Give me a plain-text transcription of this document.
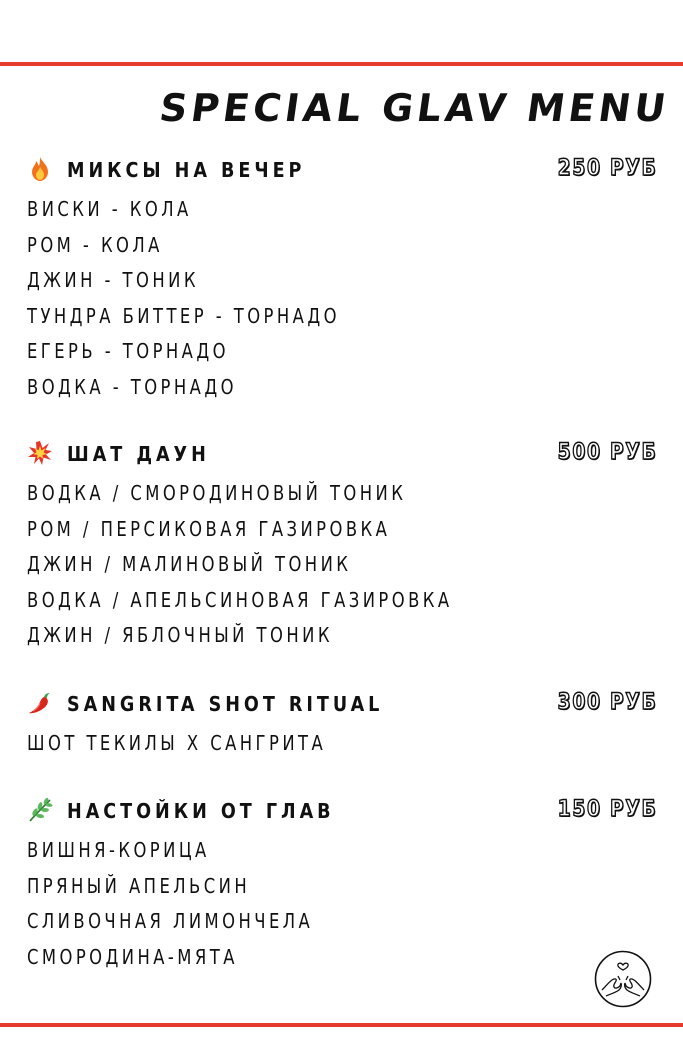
SPECIAL GLAV MENU
МИКСЫ НА ВЕЧЕР	250 РУБ
ВИСКИ - КОЛА
РОМ - КОЛА
ДЖИН - ТОНИК
ТУНДРА БИТТЕР - ТОРНАДО
ЕГЕРЬ - ТОРНАДО
ВОДКА - ТОРНАДО
ШАТ ДАУН	500 РУБ
ВОДКА / СМОРОДИНОВЫЙ ТОНИК
РОМ / ПЕРСИКОВАЯ ГАЗИРОВКА
ДЖИН / МАЛИНОВЫЙ ТОНИК
ВОДКА / АПЕЛЬСИНОВАЯ ГАЗИРОВКА
ДЖИН / ЯБЛОЧНЫЙ ТОНИК
SANGRITA SHOT RITUAL	300 РУБ
ШОТ ТЕКИЛЫ Х САНГРИТА
НАСТОЙКИ ОТ ГЛАВ	150 РУБ
ВИШНЯ-КОРИЦА
ПРЯНЫЙ АПЕЛЬСИН
СЛИВОЧНАЯ ЛИМОНЧЕЛА
СМОРОДИНА-МЯТА
